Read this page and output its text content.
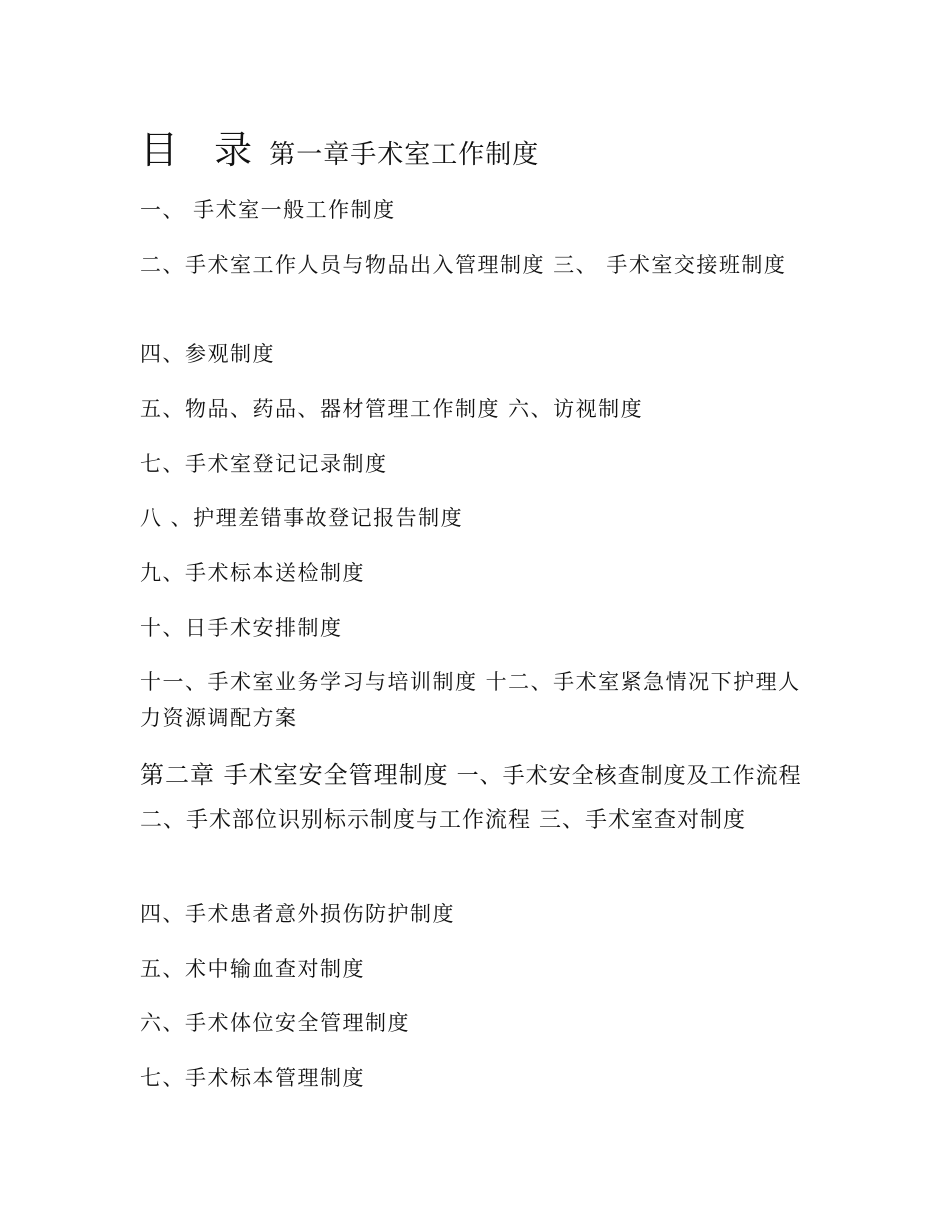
目 录 第一章手术室工作制度
一、 手术室一般工作制度
二、手术室工作人员与物品出入管理制度 三、 手术室交接班制度
四、参观制度
五、物品、药品、器材管理工作制度 六、访视制度
七、手术室登记记录制度
八 、护理差错事故登记报告制度
九、手术标本送检制度
十、日手术安排制度
十一、手术室业务学习与培训制度 十二、手术室紧急情况下护理人力资源调配方案
第二章 手术室安全管理制度 一、手术安全核查制度及工作流程 二、手术部位识别标示制度与工作流程 三、手术室查对制度
四、手术患者意外损伤防护制度
五、术中输血查对制度
六、手术体位安全管理制度
七、手术标本管理制度
